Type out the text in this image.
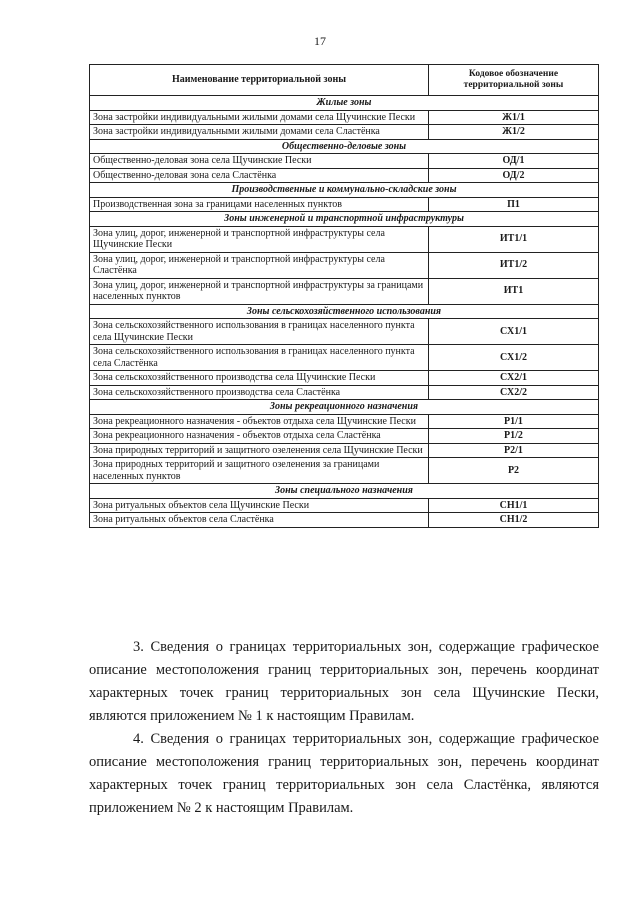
17
Наименование территориальной зоны	Кодовое обозначение территориальной зоны
Жилые зоны	
Зона застройки индивидуальными жилыми домами села Щучинские Пески	Ж1/1
Зона застройки индивидуальными жилыми домами села Сластёнка	Ж1/2
Общественно-деловые зоны	
Общественно-деловая зона села Щучинские Пески	ОД/1
Общественно-деловая зона села Сластёнка	ОД/2
Производственные и коммунально-складские зоны	
Производственная зона за границами населенных пунктов	П1
Зоны инженерной и транспортной инфраструктуры	
Зона улиц, дорог, инженерной и транспортной инфраструктуры села Щучинские Пески	ИТ1/1
Зона улиц, дорог, инженерной и транспортной инфраструктуры села Сластёнка	ИТ1/2
Зона улиц, дорог, инженерной и транспортной инфраструктуры за границами населенных пунктов	ИТ1
Зоны сельскохозяйственного использования	
Зона сельскохозяйственного использования в границах населенного пункта села Щучинские Пески	СХ1/1
Зона сельскохозяйственного использования в границах населенного пункта села Сластёнка	СХ1/2
Зона сельскохозяйственного производства села Щучинские Пески	СХ2/1
Зона сельскохозяйственного производства села Сластёнка	СХ2/2
Зоны рекреационного назначения	
Зона рекреационного назначения - объектов отдыха села Щучинские Пески	Р1/1
Зона рекреационного назначения - объектов отдыха села Сластёнка	Р1/2
Зона природных территорий и защитного озеленения села Щучинские Пески	Р2/1
Зона природных территорий и защитного озеленения за границами населенных пунктов	Р2
Зоны специального назначения	
Зона ритуальных объектов села Щучинские Пески	СН1/1
Зона ритуальных объектов села Сластёнка	СН1/2

3. Сведения о границах территориальных зон, содержащие графическое описание местоположения границ территориальных зон, перечень координат характерных точек границ территориальных зон села Щучинские Пески, являются приложением № 1 к настоящим Правилам.

4. Сведения о границах территориальных зон, содержащие графическое описание местоположения границ территориальных зон, перечень координат характерных точек границ территориальных зон села Сластёнка, являются приложением № 2 к настоящим Правилам.
